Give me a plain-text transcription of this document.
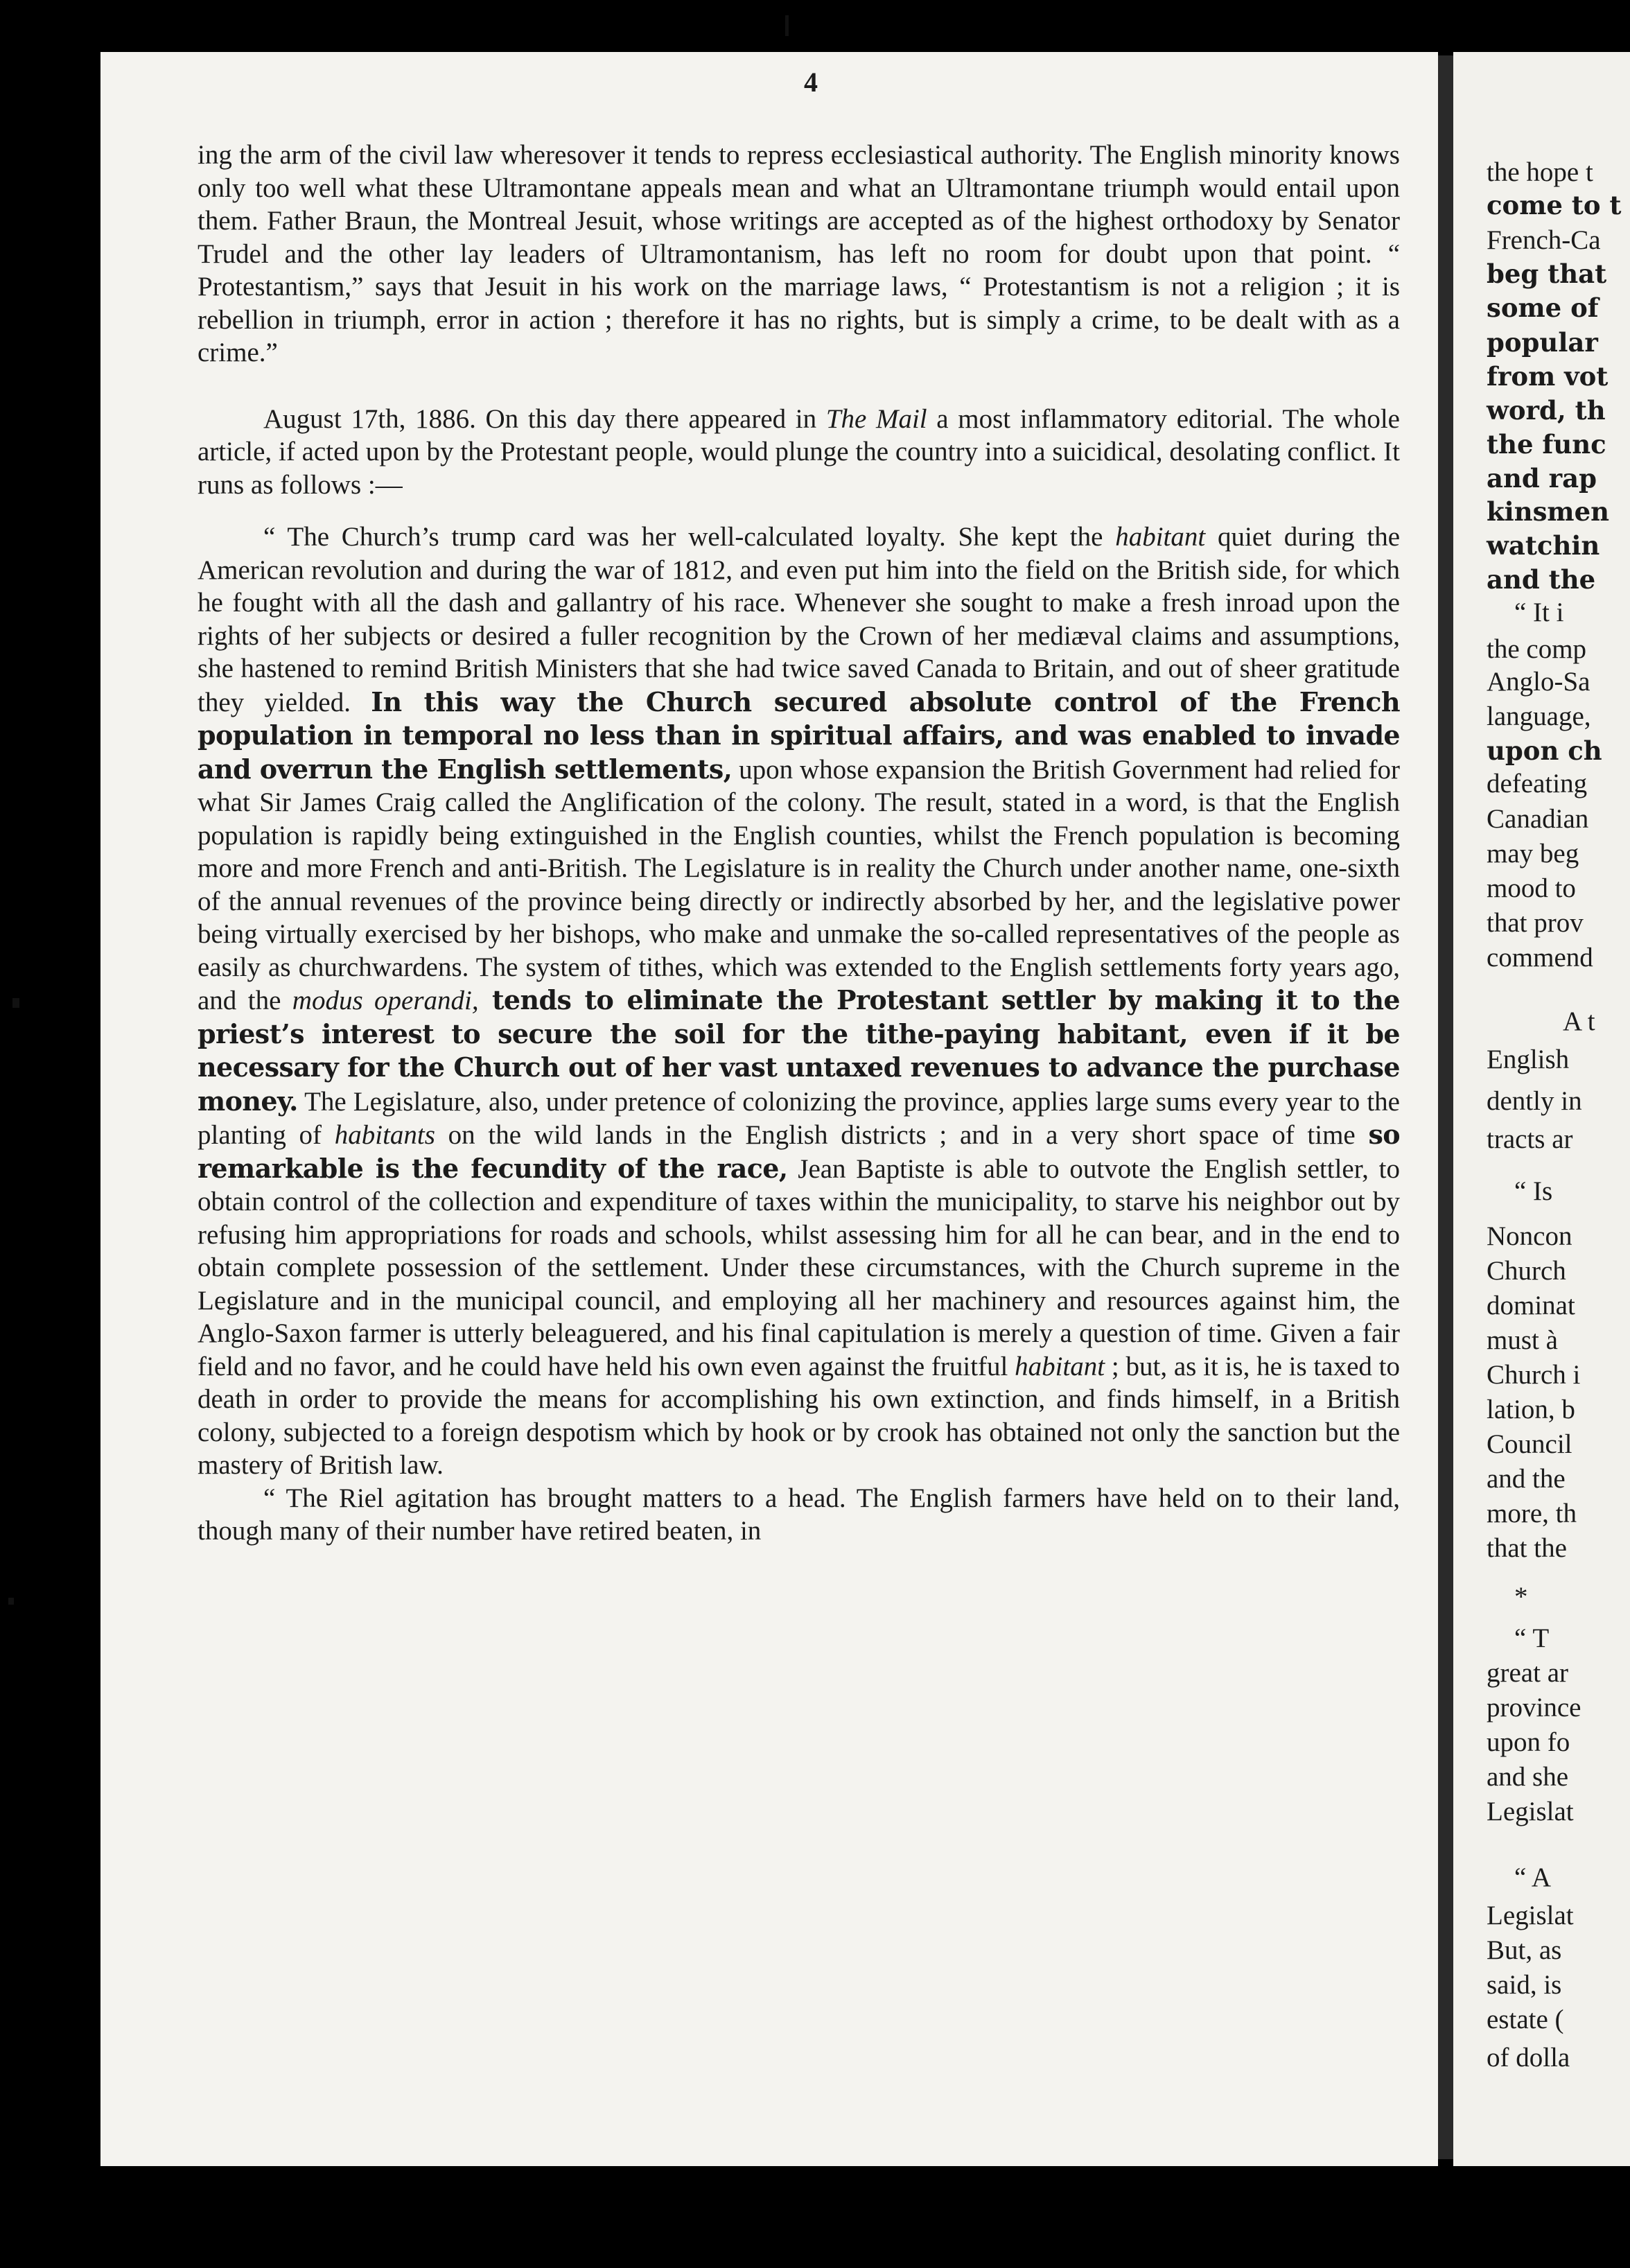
the hope t
come to t
French-Ca
beg that
some of
popular
from vot
word, th
the func
and rap
kinsmen
watchin
and the
“ It i
the comp
Anglo-Sa
language,
upon ch
defeating
Canadian
may beg
mood to
that prov
commend
A t
English
dently in
tracts ar
“ Is
Noncon
Church
dominat
must à
Church i
lation, b
Council
and the
more, th
that the
*
“ T
great ar
province
upon fo
and she
Legislat
“ A
Legislat
But, as
said, is
estate (
of dolla
4

ing the arm of the civil law wheresover it tends to repress ecclesiastical authority. The English minority knows only too well what these Ultramontane appeals mean and what an Ultramontane triumph would entail upon them. Father Braun, the Montreal Jesuit, whose writings are accepted as of the highest orthodoxy by Senator Trudel and the other lay leaders of Ultramontanism, has left no room for doubt upon that point. “ Protestantism,” says that Jesuit in his work on the marriage laws, “ Protestantism is not a religion ; it is rebellion in triumph, error in action ; therefore it has no rights, but is simply a crime, to be dealt with as a crime.”

August 17th, 1886. On this day there appeared in The Mail a most inflammatory editorial. The whole article, if acted upon by the Protestant people, would plunge the country into a suicidical, desolating conflict. It runs as follows :—

“ The Church’s trump card was her well-calculated loyalty. She kept the habitant quiet during the American revolution and during the war of 1812, and even put him into the field on the British side, for which he fought with all the dash and gallantry of his race. Whenever she sought to make a fresh inroad upon the rights of her subjects or desired a fuller recognition by the Crown of her mediæval claims and assumptions, she hastened to remind British Ministers that she had twice saved Canada to Britain, and out of sheer gratitude they yielded. In this way the Church secured absolute control of the French population in temporal no less than in spiritual affairs, and was enabled to invade and overrun the English settlements, upon whose expansion the British Government had relied for what Sir James Craig called the Anglification of the colony. The result, stated in a word, is that the English population is rapidly being extinguished in the English counties, whilst the French population is becoming more and more French and anti-British. The Legislature is in reality the Church under another name, one-sixth of the annual revenues of the province being directly or indirectly absorbed by her, and the legislative power being virtually exercised by her bishops, who make and unmake the so-called representatives of the people as easily as churchwardens. The system of tithes, which was extended to the English settlements forty years ago, and the modus operandi, tends to eliminate the Protestant settler by making it to the priest’s interest to secure the soil for the tithe-paying habitant, even if it be necessary for the Church out of her vast untaxed revenues to advance the purchase money. The Legislature, also, under pretence of colonizing the province, applies large sums every year to the planting of habitants on the wild lands in the English districts ; and in a very short space of time so remarkable is the fecundity of the race, Jean Baptiste is able to outvote the English settler, to obtain control of the collection and expenditure of taxes within the municipality, to starve his neighbor out by refusing him appropriations for roads and schools, whilst assessing him for all he can bear, and in the end to obtain complete possession of the settlement. Under these circumstances, with the Church supreme in the Legislature and in the municipal council, and employing all her machinery and resources against him, the Anglo-Saxon farmer is utterly beleaguered, and his final capitulation is merely a question of time. Given a fair field and no favor, and he could have held his own even against the fruitful habitant ; but, as it is, he is taxed to death in order to provide the means for accomplishing his own extinction, and finds himself, in a British colony, subjected to a foreign despotism which by hook or by crook has obtained not only the sanction but the mastery of British law.

“ The Riel agitation has brought matters to a head. The English farmers have held on to their land, though many of their number have retired beaten, in
